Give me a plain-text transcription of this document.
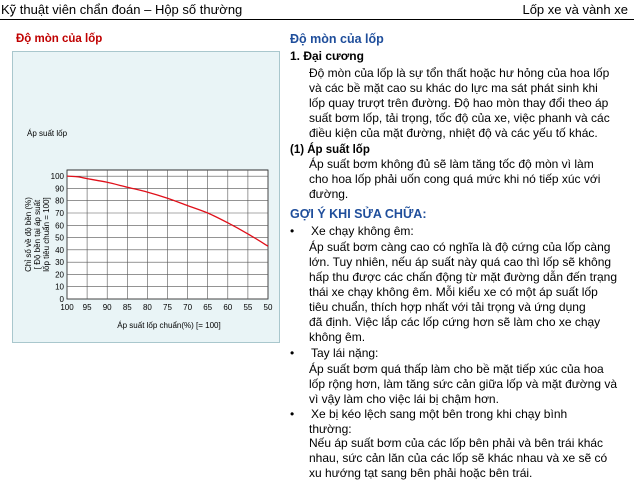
Kỹ thuật viên chẩn đoán – Hộp số thường	Lốp xe và vành xe
Độ mòn của lốp
Áp suất lốp
100
90
80
70
60
50
40
30
20
10
0
100 95 90 85 80 75 70 65 60 55 50
Chỉ số về độ bền (%) [ Độ bền tại áp suất lốp tiêu chuẩn = 100]
Áp suất lốp chuẩn(%) [= 100]
Độ mòn của lốp
1. Đại cương
Độ mòn của lốp là sự tổn thất hoặc hư hỏng của hoa lốp
và các bề mặt cao su khác do lực ma sát phát sinh khi
lốp quay trượt trên đường. Độ hao mòn thay đổi theo áp
suất bơm lốp, tải trọng, tốc độ của xe, việc phanh và các
điều kiện của mặt đường, nhiệt độ và các yếu tố khác.
(1) Áp suất lốp
Áp suất bơm không đủ sẽ làm tăng tốc độ mòn vì làm
cho hoa lốp phải uốn cong quá mức khi nó tiếp xúc với
đường.
GỢI Ý KHI SỬA CHỮA:
• Xe chạy không êm:
Áp suất bơm càng cao có nghĩa là độ cứng của lốp càng
lớn. Tuy nhiên, nếu áp suất này quá cao thì lốp sẽ không
hấp thu được các chấn động từ mặt đường dẫn đến trạng
thái xe chạy không êm. Mỗi kiểu xe có một áp suất lốp
tiêu chuẩn, thích hợp nhất với tải trọng và ứng dụng
đã định. Việc lắp các lốp cứng hơn sẽ làm cho xe chạy
không êm.
• Tay lái nặng:
Áp suất bơm quá thấp làm cho bề mặt tiếp xúc của hoa
lốp rộng hơn, làm tăng sức cản giữa lốp và mặt đường và
vì vậy làm cho việc lái bị chậm hơn.
• Xe bị kéo lệch sang một bên trong khi chạy bình
thường:
Nếu áp suất bơm của các lốp bên phải và bên trái khác
nhau, sức cản lăn của các lốp sẽ khác nhau và xe sẽ có
xu hướng tạt sang bên phải hoặc bên trái.
